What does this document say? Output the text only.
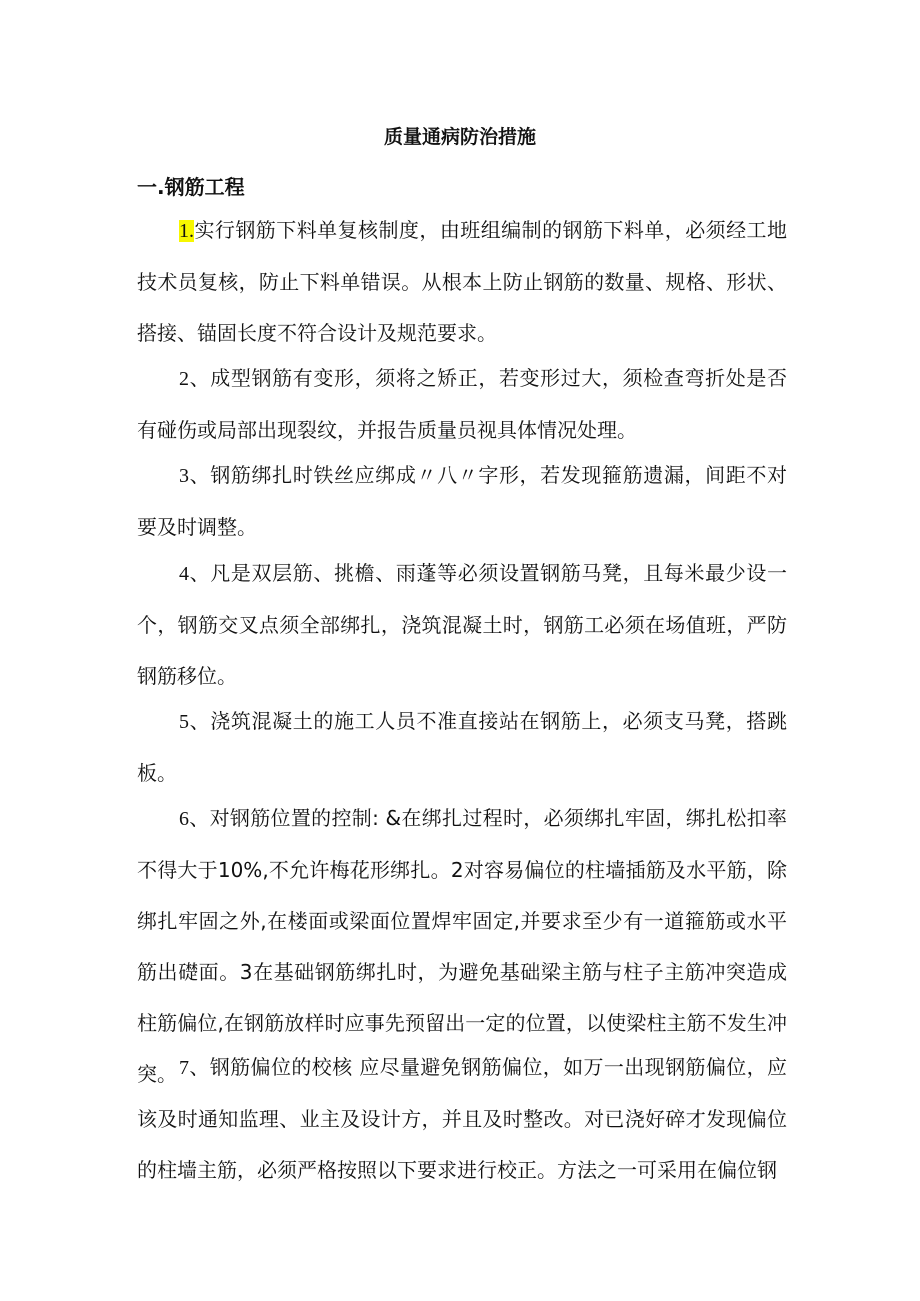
质量通病防治措施
一.钢筋工程

1.实行钢筋下料单复核制度，由班组编制的钢筋下料单，必须经工地技术员复核，防止下料单错误。从根本上防止钢筋的数量、规格、形状、搭接、锚固长度不符合设计及规范要求。

2、成型钢筋有变形，须将之矫正，若变形过大，须检查弯折处是否有碰伤或局部出现裂纹，并报告质量员视具体情况处理。

3、钢筋绑扎时铁丝应绑成〃八〃字形，若发现箍筋遗漏，间距不对要及时调整。

4、凡是双层筋、挑檐、雨蓬等必须设置钢筋马凳，且每米最少设一个，钢筋交叉点须全部绑扎，浇筑混凝土时，钢筋工必须在场值班，严防钢筋移位。

5、浇筑混凝土的施工人员不准直接站在钢筋上，必须支马凳，搭跳板。

6、对钢筋位置的控制: &在绑扎过程时，必须绑扎牢固，绑扎松扣率不得大于10%,不允许梅花形绑扎。2对容易偏位的柱墙插筋及水平筋，除绑扎牢固之外,在楼面或梁面位置焊牢固定,并要求至少有一道箍筋或水平筋出礎面。3在基础钢筋绑扎时，为避免基础梁主筋与柱子主筋冲突造成柱筋偏位,在钢筋放样时应事先预留出一定的位置，以使梁柱主筋不发生冲突。 7、钢筋偏位的校核 应尽量避免钢筋偏位，如万一出现钢筋偏位，应该及时通知监理、业主及设计方，并且及时整改。对已浇好碎才发现偏位的柱墙主筋，必须严格按照以下要求进行校正。方法之一可采用在偏位钢
